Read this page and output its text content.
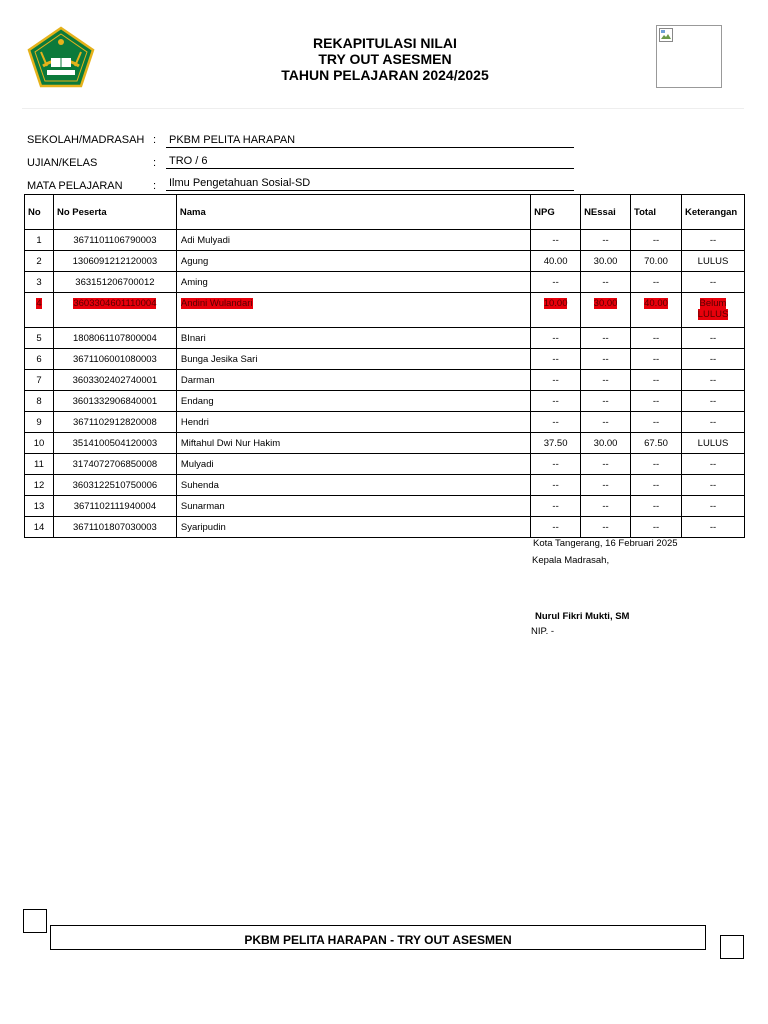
REKAPITULASI NILAI
TRY OUT ASESMEN
TAHUN PELAJARAN 2024/2025
SEKOLAH/MADRASAH : PKBM PELITA HARAPAN
UJIAN/KELAS	: TRO / 6
MATA PELAJARAN	: Ilmu Pengetahuan Sosial-SD
No	No Peserta	Nama	NPG	NEssai	Total	Keterangan
1	3671101106790003	Adi Mulyadi	--	--	--	--
2	1306091212120003	Agung	40.00	30.00	70.00	LULUS
3	363151206700012	Aming	--	--	--	--
4	3603304601110004	Andini Wulandari	10.00	30.00	40.00	Belum
LULUS
5	1808061107800004	BInari	--	--	--	--
6	3671106001080003	Bunga Jesika Sari	--	--	--	--
7	3603302402740001	Darman	--	--	--	--
8	3601332906840001	Endang	--	--	--	--
9	3671102912820008	Hendri	--	--	--	--
10	3514100504120003	Miftahul Dwi Nur Hakim	37.50	30.00	67.50	LULUS
11	3174072706850008	Mulyadi	--	--	--	--
12	3603122510750006	Suhenda	--	--	--	--
13	3671102111940004	Sunarman	--	--	--	--
14	3671101807030003	Syaripudin	--	--	--	--
Kota Tangerang, 16 Februari 2025
Kepala Madrasah,
Nurul Fikri Mukti, SM
NIP. -
PKBM PELITA HARAPAN - TRY OUT ASESMEN
